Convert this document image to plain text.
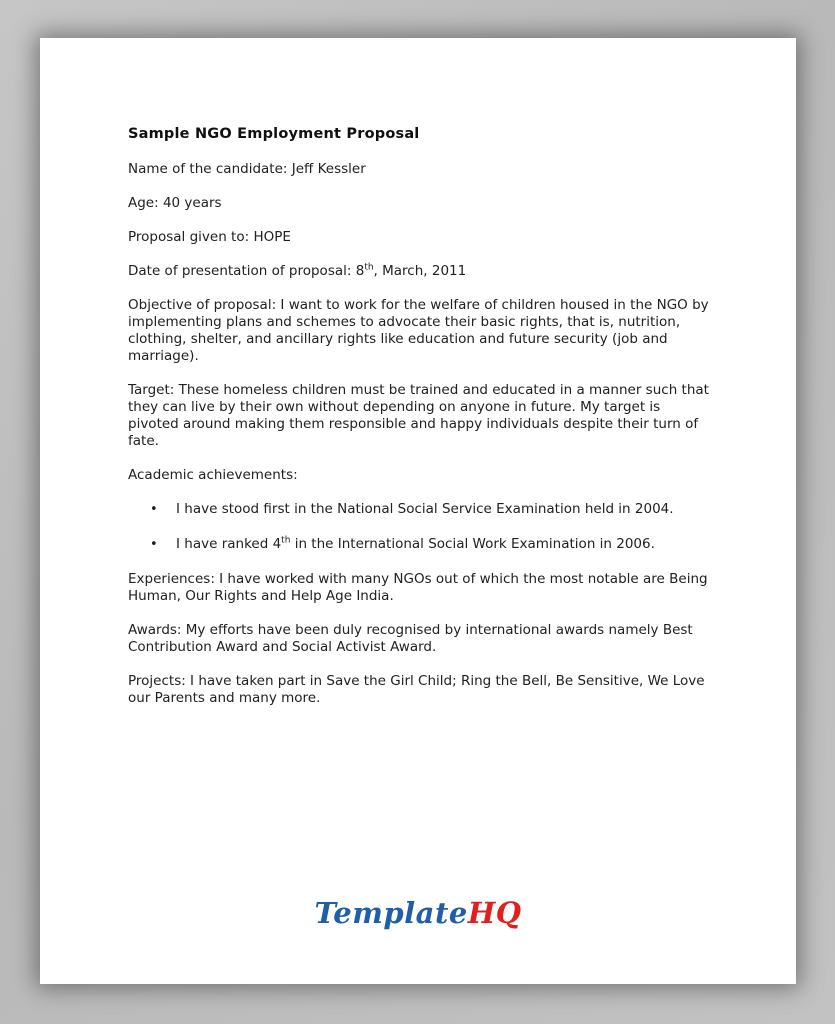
Sample NGO Employment Proposal

Name of the candidate: Jeff Kessler

Age: 40 years

Proposal given to: HOPE

Date of presentation of proposal: 8th, March, 2011

Objective of proposal: I want to work for the welfare of children housed in the NGO by implementing plans and schemes to advocate their basic rights, that is, nutrition, clothing, shelter, and ancillary rights like education and future security (job and marriage).

Target: These homeless children must be trained and educated in a manner such that they can live by their own without depending on anyone in future. My target is pivoted around making them responsible and happy individuals despite their turn of fate.

Academic achievements:

•	I have stood first in the National Social Service Examination held in 2004.
•	I have ranked 4th in the International Social Work Examination in 2006.

Experiences: I have worked with many NGOs out of which the most notable are Being Human, Our Rights and Help Age India.

Awards: My efforts have been duly recognised by international awards namely Best Contribution Award and Social Activist Award.

Projects: I have taken part in Save the Girl Child; Ring the Bell, Be Sensitive, We Love our Parents and many more.

TemplateHQ
